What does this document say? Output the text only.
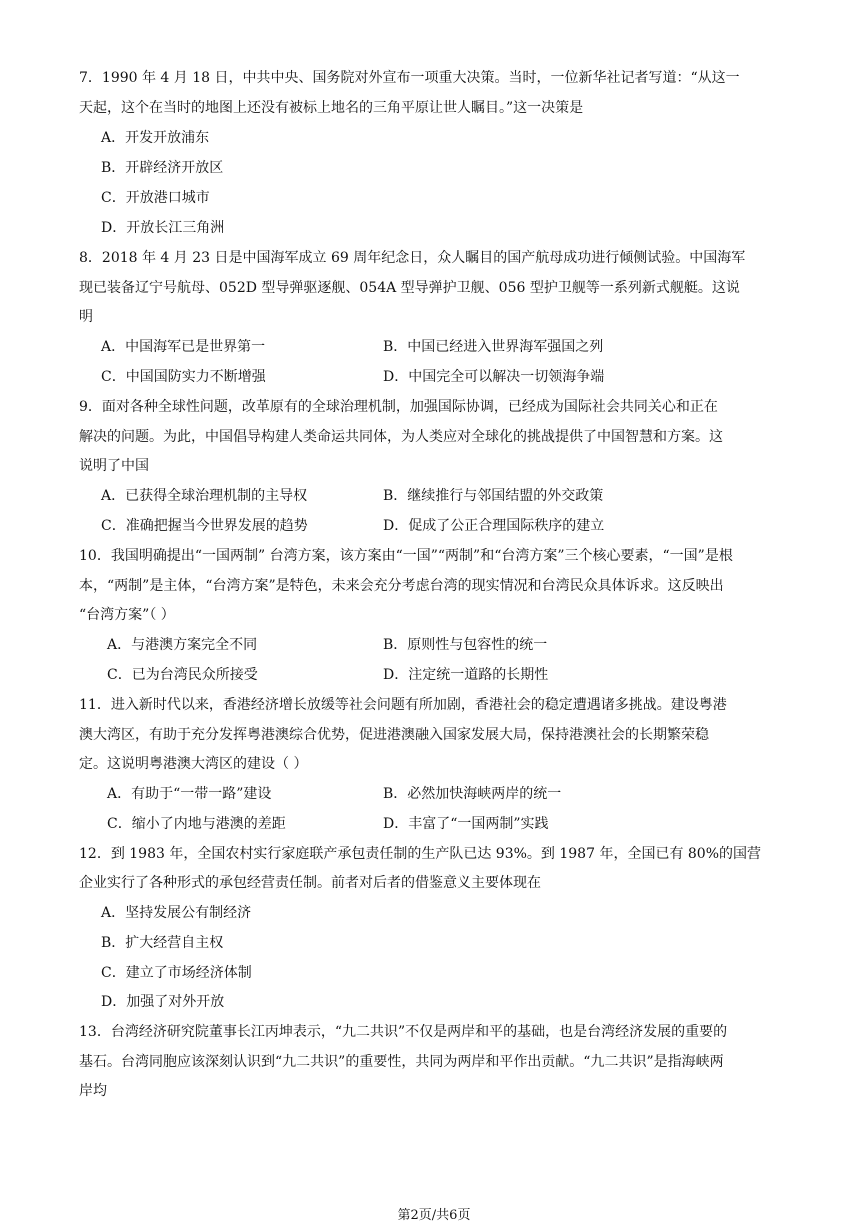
7．1990 年 4 月 18 日，中共中央、国务院对外宣布一项重大决策。当时，一位新华社记者写道：“从这一
天起，这个在当时的地图上还没有被标上地名的三角平原让世人瞩目。”这一决策是
A．开发开放浦东
B．开辟经济开放区
C．开放港口城市
D．开放长江三角洲
8．2018 年 4 月 23 日是中国海军成立 69 周年纪念日，众人瞩目的国产航母成功进行倾侧试验。中国海军
现已装备辽宁号航母、052D 型导弹驱逐舰、054A 型导弹护卫舰、056 型护卫舰等一系列新式舰艇。这说
明
A．中国海军已是世界第一	B．中国已经进入世界海军强国之列
C．中国国防实力不断增强	D．中国完全可以解决一切领海争端
9．面对各种全球性问题，改革原有的全球治理机制，加强国际协调，已经成为国际社会共同关心和正在
解决的问题。为此，中国倡导构建人类命运共同体，为人类应对全球化的挑战提供了中国智慧和方案。这
说明了中国
A．已获得全球治理机制的主导权	B．继续推行与邻国结盟的外交政策
C．准确把握当今世界发展的趋势	D．促成了公正合理国际秩序的建立
10．我国明确提出“一国两制” 台湾方案，该方案由“一国”“两制”和“台湾方案”三个核心要素，“一国”是根
本，“两制”是主体，“台湾方案”是特色，未来会充分考虑台湾的现实情况和台湾民众具体诉求。这反映出
“台湾方案”（ ）
A．与港澳方案完全不同	B．原则性与包容性的统一
C．已为台湾民众所接受	D．注定统一道路的长期性
11．进入新时代以来，香港经济增长放缓等社会问题有所加剧，香港社会的稳定遭遇诸多挑战。建设粤港
澳大湾区，有助于充分发挥粤港澳综合优势，促进港澳融入国家发展大局，保持港澳社会的长期繁荣稳
定。这说明粤港澳大湾区的建设（ ）
A．有助于“一带一路”建设	B．必然加快海峡两岸的统一
C．缩小了内地与港澳的差距	D．丰富了“一国两制”实践
12．到 1983 年，全国农村实行家庭联产承包责任制的生产队已达 93%。到 1987 年，全国已有 80%的国营
企业实行了各种形式的承包经营责任制。前者对后者的借鉴意义主要体现在
A．坚持发展公有制经济
B．扩大经营自主权
C．建立了市场经济体制
D．加强了对外开放
13．台湾经济研究院董事长江丙坤表示，“九二共识”不仅是两岸和平的基础，也是台湾经济发展的重要的
基石。台湾同胞应该深刻认识到“九二共识”的重要性，共同为两岸和平作出贡献。“九二共识”是指海峡两
岸均
第2页/共6页
